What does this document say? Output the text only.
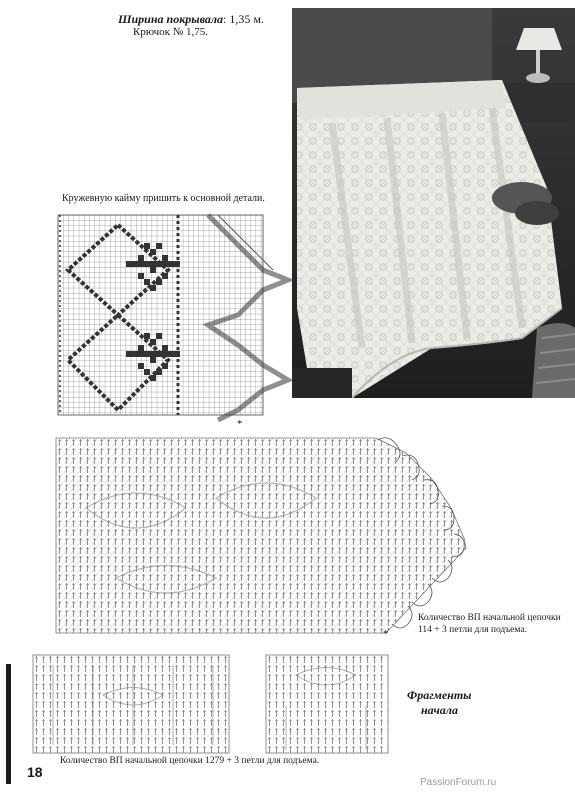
Ширина покрывала: 1,35 м.
Крючок № 1,75.
Кружевную кайму пришить к основной детали.
*
*
Количество ВП начальной цепочки
114 + 3 петли для подъема.
Фрагменты
начала
Количество ВП начальной цепочки 1279 + 3 петли для подъема.
18
PassionForum.ru
